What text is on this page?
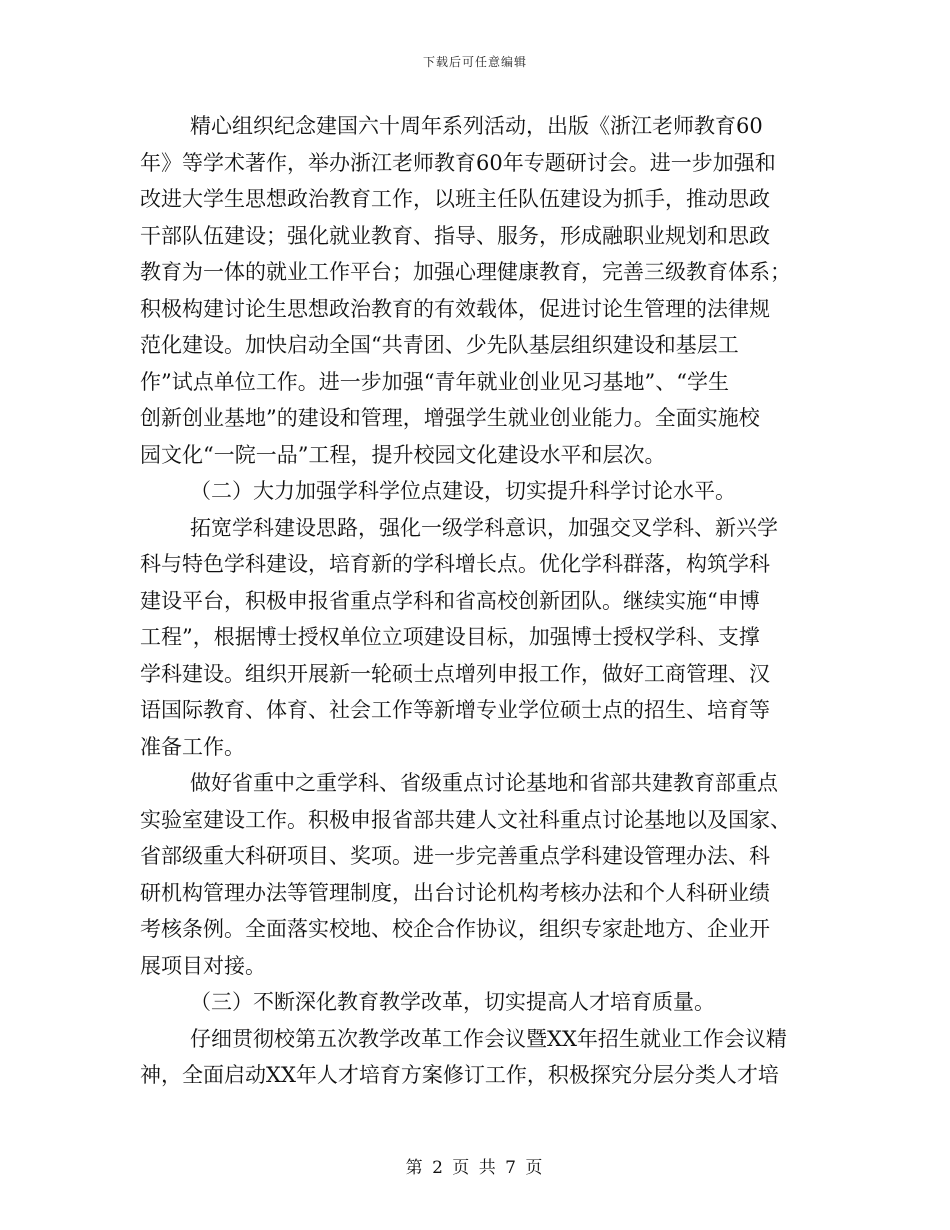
下载后可任意编辑
精心组织纪念建国六十周年系列活动，出版《浙江老师教育60
年》等学术著作，举办浙江老师教育60年专题研讨会。进一步加强和
改进大学生思想政治教育工作，以班主任队伍建设为抓手，推动思政
干部队伍建设；强化就业教育、指导、服务，形成融职业规划和思政
教育为一体的就业工作平台；加强心理健康教育，完善三级教育体系；
积极构建讨论生思想政治教育的有效载体，促进讨论生管理的法律规
范化建设。加快启动全国“共青团、少先队基层组织建设和基层工
作”试点单位工作。进一步加强“青年就业创业见习基地”、“学生
创新创业基地”的建设和管理，增强学生就业创业能力。全面实施校
园文化“一院一品”工程，提升校园文化建设水平和层次。
（二）大力加强学科学位点建设，切实提升科学讨论水平。
拓宽学科建设思路，强化一级学科意识，加强交叉学科、新兴学
科与特色学科建设，培育新的学科增长点。优化学科群落，构筑学科
建设平台，积极申报省重点学科和省高校创新团队。继续实施“申博
工程”，根据博士授权单位立项建设目标，加强博士授权学科、支撑
学科建设。组织开展新一轮硕士点增列申报工作，做好工商管理、汉
语国际教育、体育、社会工作等新增专业学位硕士点的招生、培育等
准备工作。
做好省重中之重学科、省级重点讨论基地和省部共建教育部重点
实验室建设工作。积极申报省部共建人文社科重点讨论基地以及国家、
省部级重大科研项目、奖项。进一步完善重点学科建设管理办法、科
研机构管理办法等管理制度，出台讨论机构考核办法和个人科研业绩
考核条例。全面落实校地、校企合作协议，组织专家赴地方、企业开
展项目对接。
（三）不断深化教育教学改革，切实提高人才培育质量。
仔细贯彻校第五次教学改革工作会议暨XX年招生就业工作会议精
神，全面启动XX年人才培育方案修订工作，积极探究分层分类人才培
第 2 页 共 7 页
